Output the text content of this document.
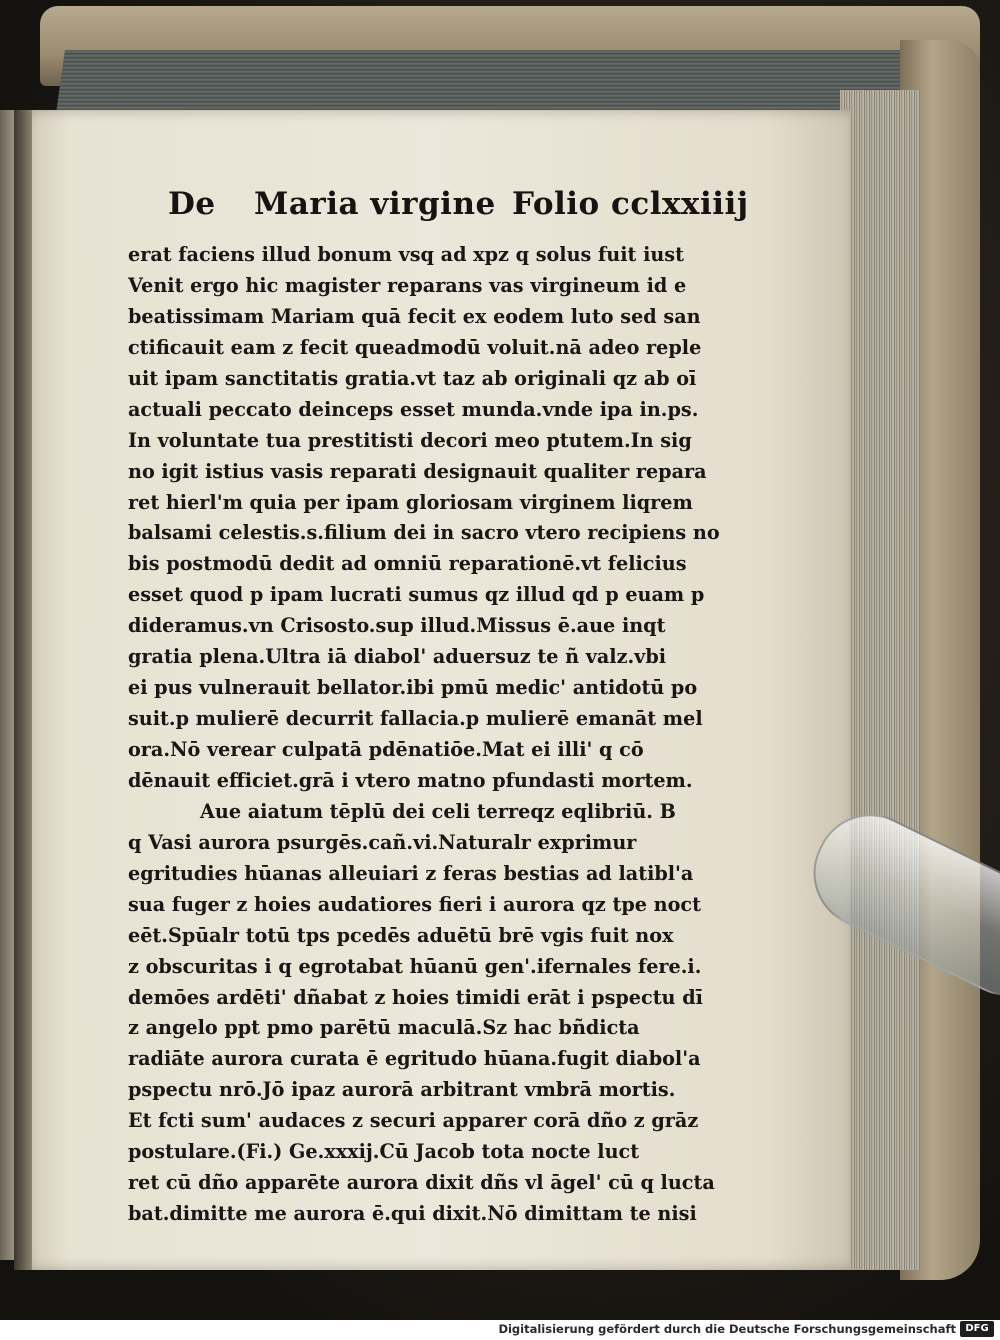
De Maria virgine Folio cclxxiiij
erat faciens illud bonum vsq ad xpz q solus fuit iust
Venit ergo hic magister reparans vas virgineum id e
beatissimam Mariam quā fecit ex eodem luto sed san
ctificauit eam z fecit queadmodū voluit.nā adeo reple
uit ipam sanctitatis gratia.vt taz ab originali qz ab oī
actuali peccato deinceps esset munda.vnde ipa in.ps.
In voluntate tua prestitisti decori meo ptutem.In sig
no igit istius vasis reparati designauit qualiter repara
ret hierl'm quia per ipam gloriosam virginem liqrem
balsami celestis.s.filium dei in sacro vtero recipiens no
bis postmodū dedit ad omniū reparationē.vt felicius
esset quod p ipam lucrati sumus qz illud qd p euam p
dideramus.vn Crisosto.sup illud.Missus ē.aue inqt
gratia plena.Ultra iā diabol' aduersuz te ñ valz.vbi
ei pus vulnerauit bellator.ibi pmū medic' antidotū po
suit.p mulierē decurrit fallacia.p mulierē emanāt mel
ora.Nō verear culpatā pdēnatiōe.Mat ei illi' q cō
dēnauit efficiet.grā i vtero matno pfundasti mortem.
Aue aiatum tēplū dei celi terreqz eqlibriū. B
q Vasi aurora psurgēs.cañ.vi.Naturalr exprimur
egritudies hūanas alleuiari z feras bestias ad latibl'a
sua fuger z hoies audatiores fieri i aurora qz tpe noct
eēt.Spūalr totū tps pcedēs aduētū brē vgis fuit nox
z obscuritas i q egrotabat hūanū gen'.ifernales fere.i.
demōes ardēti' dñabat z hoies timidi erāt i pspectu dī
z angelo ppt pmo parētū maculā.Sz hac bñdicta
radiāte aurora curata ē egritudo hūana.fugit diabol'a
pspectu nrō.Jō ipaz aurorā arbitrant vmbrā mortis.
Et fcti sum' audaces z securi apparer corā dño z grāz
postulare.(Fi.) Ge.xxxij.Cū Jacob tota nocte luct
ret cū dño apparēte aurora dixit dñs vl āgel' cū q lucta
bat.dimitte me aurora ē.qui dixit.Nō dimittam te nisi
Digitalisierung gefördert durch die Deutsche Forschungsgemeinschaft DFG
